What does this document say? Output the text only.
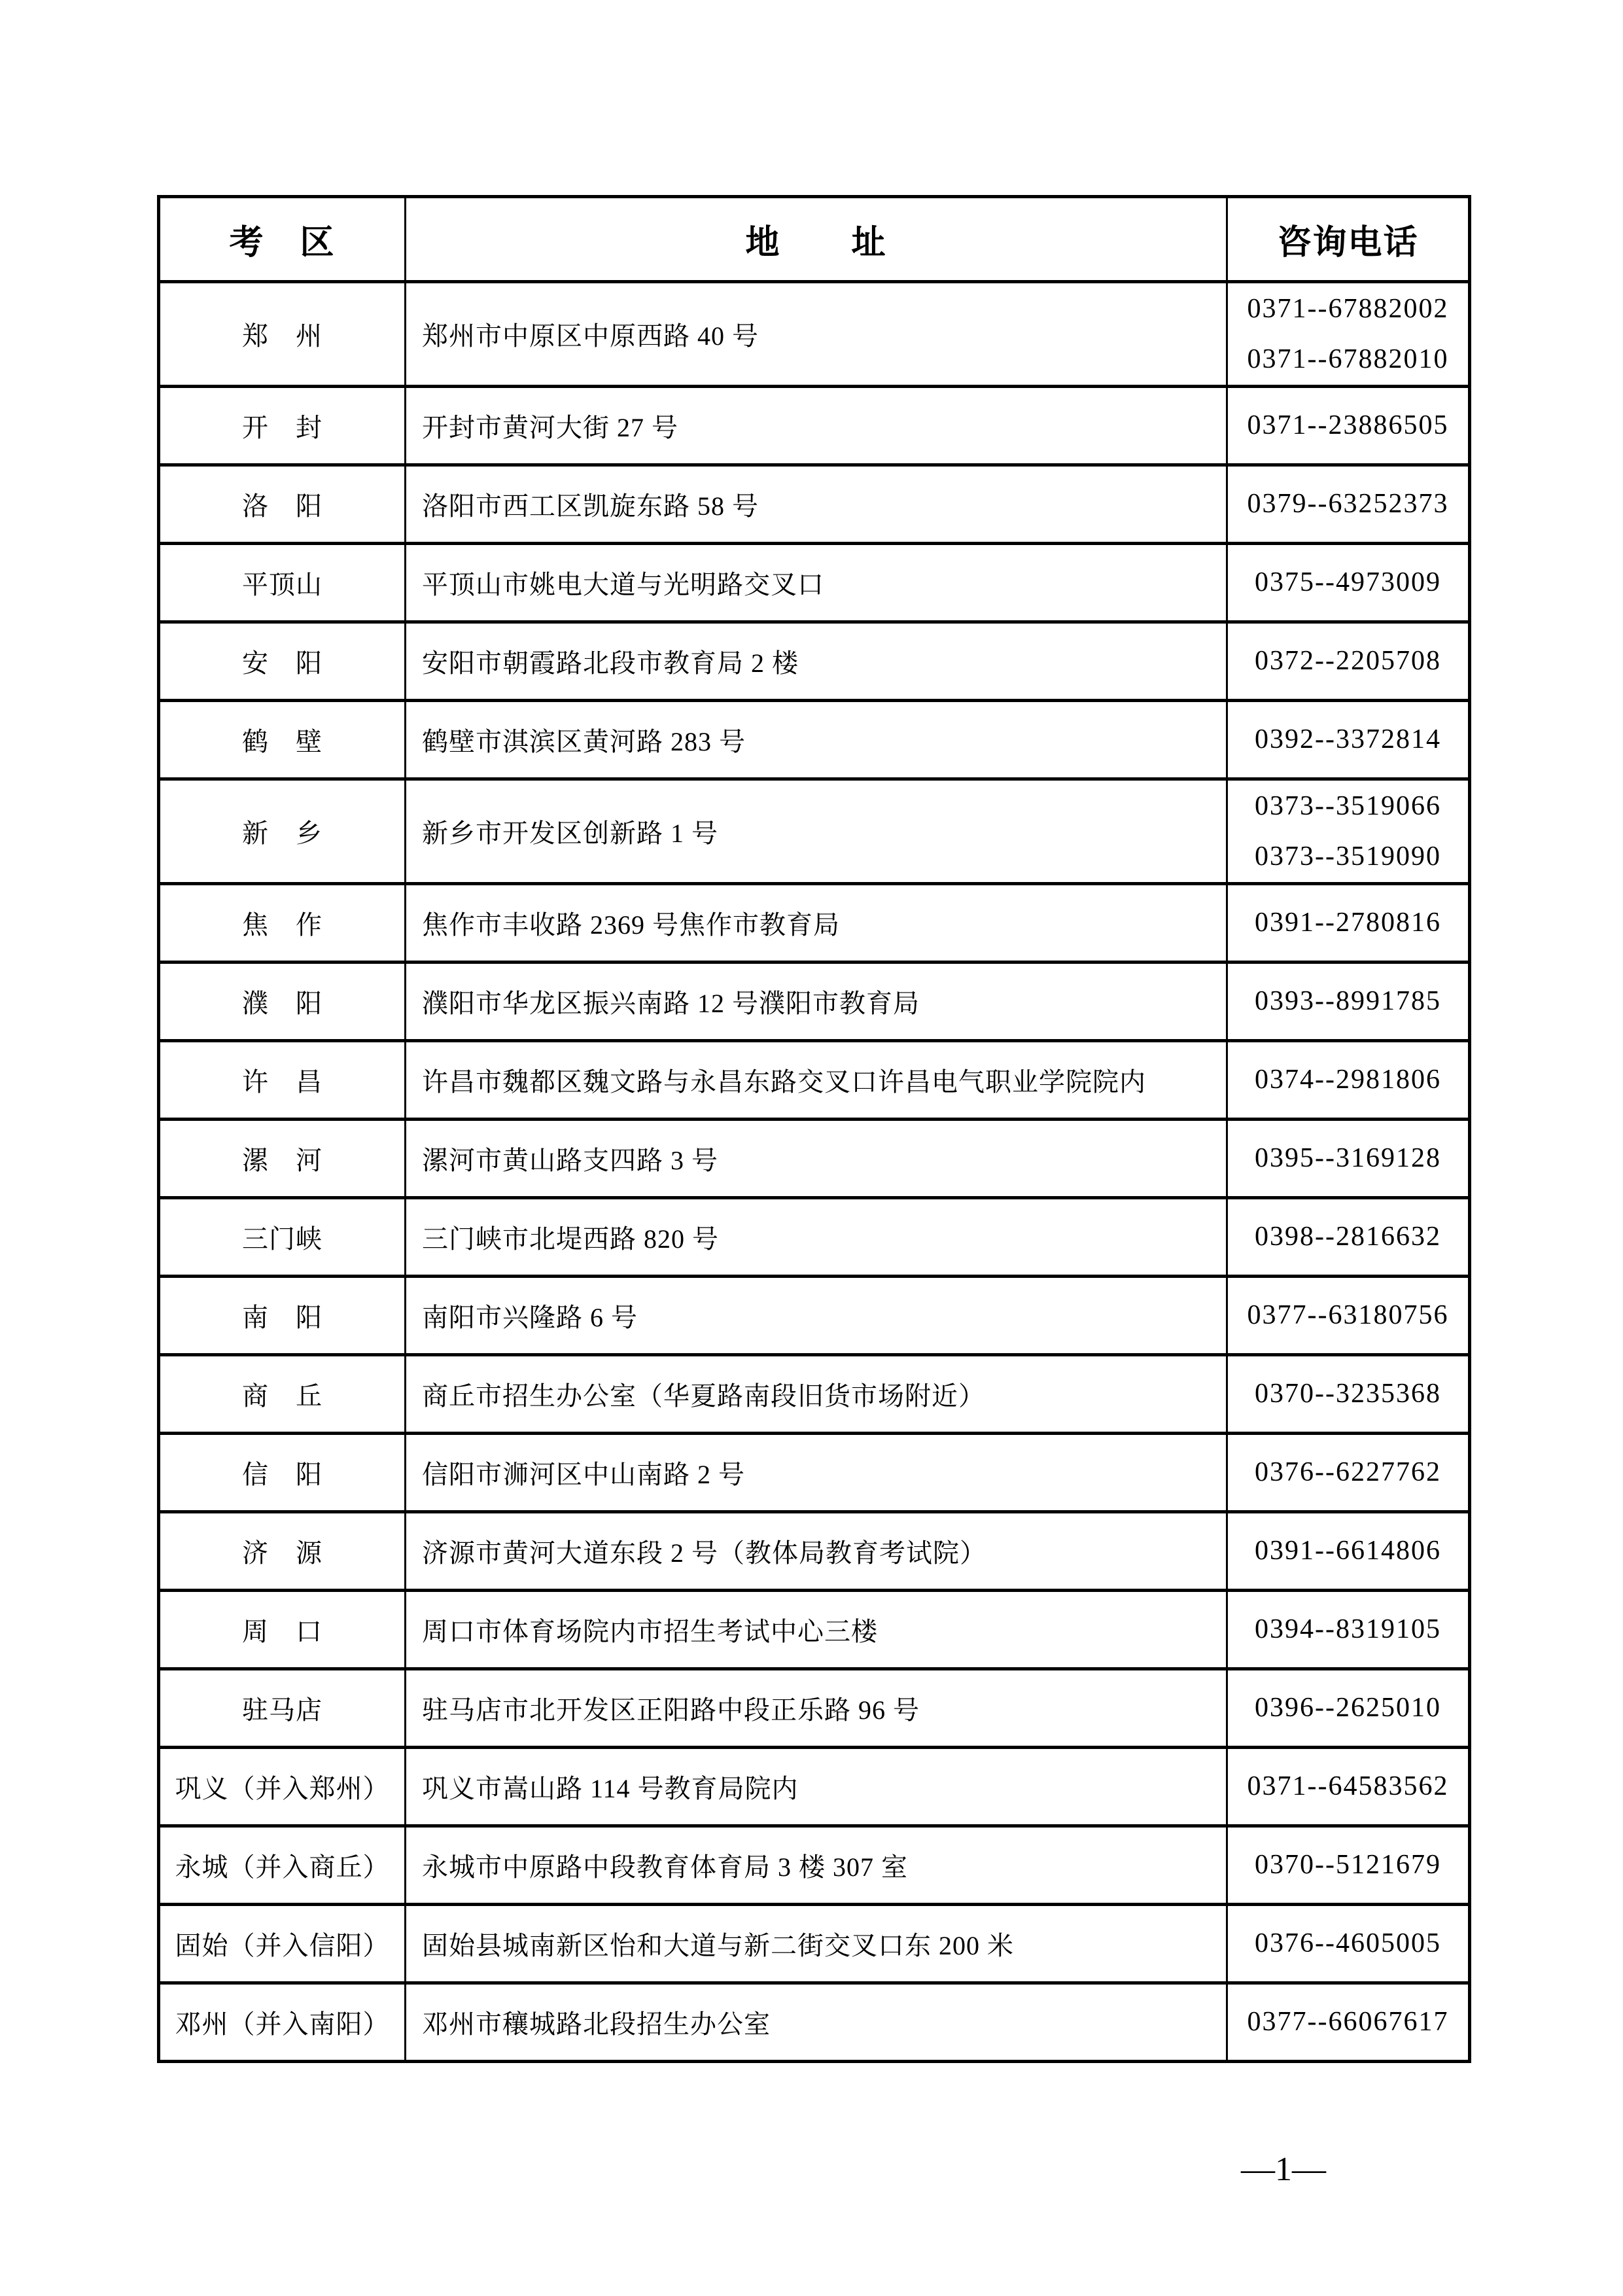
考　区	地　　址	咨询电话
郑　州	郑州市中原区中原西路 40 号	0371--67882002
0371--67882010

开　封	开封市黄河大街 27 号	0371--23886505

洛　阳	洛阳市西工区凯旋东路 58 号	0379--63252373

平顶山	平顶山市姚电大道与光明路交叉口	0375--4973009

安　阳	安阳市朝霞路北段市教育局 2 楼	0372--2205708

鹤　壁	鹤壁市淇滨区黄河路 283 号	0392--3372814

新　乡	新乡市开发区创新路 1 号	0373--3519066
0373--3519090

焦　作	焦作市丰收路 2369 号焦作市教育局	0391--2780816

濮　阳	濮阳市华龙区振兴南路 12 号濮阳市教育局	0393--8991785

许　昌	许昌市魏都区魏文路与永昌东路交叉口许昌电气职业学院院内	0374--2981806

漯　河	漯河市黄山路支四路 3 号	0395--3169128

三门峡	三门峡市北堤西路 820 号	0398--2816632

南　阳	南阳市兴隆路 6 号	0377--63180756

商　丘	商丘市招生办公室（华夏路南段旧货市场附近）	0370--3235368

信　阳	信阳市浉河区中山南路 2 号	0376--6227762

济　源	济源市黄河大道东段 2 号（教体局教育考试院）	0391--6614806

周　口	周口市体育场院内市招生考试中心三楼	0394--8319105

驻马店	驻马店市北开发区正阳路中段正乐路 96 号	0396--2625010

巩义（并入郑州）	巩义市嵩山路 114 号教育局院内	0371--64583562

永城（并入商丘）	永城市中原路中段教育体育局 3 楼 307 室	0370--5121679

固始（并入信阳）	固始县城南新区怡和大道与新二街交叉口东 200 米	0376--4605005

邓州（并入南阳）	邓州市穰城路北段招生办公室	0377--66067617
—1—
